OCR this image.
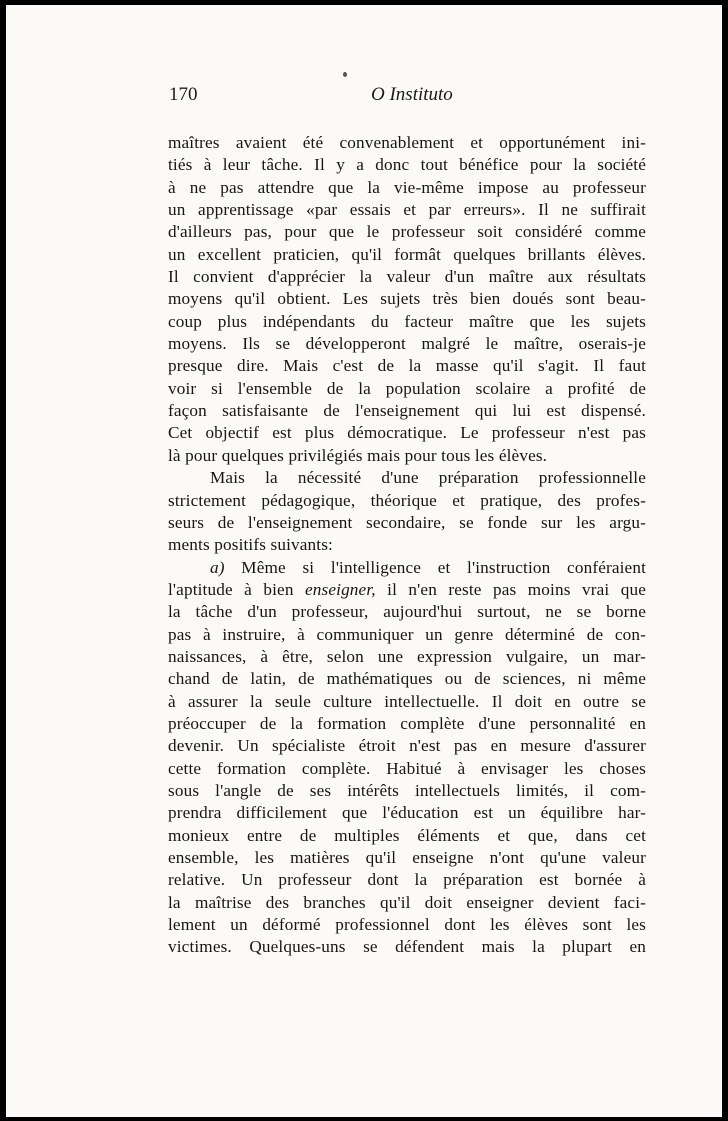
170	O Instituto
maîtres avaient été convenablement et opportunément ini-
tiés à leur tâche. Il y a donc tout bénéfice pour la société
à ne pas attendre que la vie-même impose au professeur
un apprentissage «par essais et par erreurs». Il ne suffirait
d'ailleurs pas, pour que le professeur soit considéré comme
un excellent praticien, qu'il formât quelques brillants élèves.
Il convient d'apprécier la valeur d'un maître aux résultats
moyens qu'il obtient. Les sujets très bien doués sont beau-
coup plus indépendants du facteur maître que les sujets
moyens. Ils se développeront malgré le maître, oserais-je
presque dire. Mais c'est de la masse qu'il s'agit. Il faut
voir si l'ensemble de la population scolaire a profité de
façon satisfaisante de l'enseignement qui lui est dispensé.
Cet objectif est plus démocratique. Le professeur n'est pas
là pour quelques privilégiés mais pour tous les élèves.
Mais la nécessité d'une préparation professionnelle
strictement pédagogique, théorique et pratique, des profes-
seurs de l'enseignement secondaire, se fonde sur les argu-
ments positifs suivants:
a) Même si l'intelligence et l'instruction conféraient
l'aptitude à bien enseigner, il n'en reste pas moins vrai que
la tâche d'un professeur, aujourd'hui surtout, ne se borne
pas à instruire, à communiquer un genre déterminé de con-
naissances, à être, selon une expression vulgaire, un mar-
chand de latin, de mathématiques ou de sciences, ni même
à assurer la seule culture intellectuelle. Il doit en outre se
préoccuper de la formation complète d'une personnalité en
devenir. Un spécialiste étroit n'est pas en mesure d'assurer
cette formation complète. Habitué à envisager les choses
sous l'angle de ses intérêts intellectuels limités, il com-
prendra difficilement que l'éducation est un équilibre har-
monieux entre de multiples éléments et que, dans cet
ensemble, les matières qu'il enseigne n'ont qu'une valeur
relative. Un professeur dont la préparation est bornée à
la maîtrise des branches qu'il doit enseigner devient faci-
lement un déformé professionnel dont les élèves sont les
victimes. Quelques-uns se défendent mais la plupart en
